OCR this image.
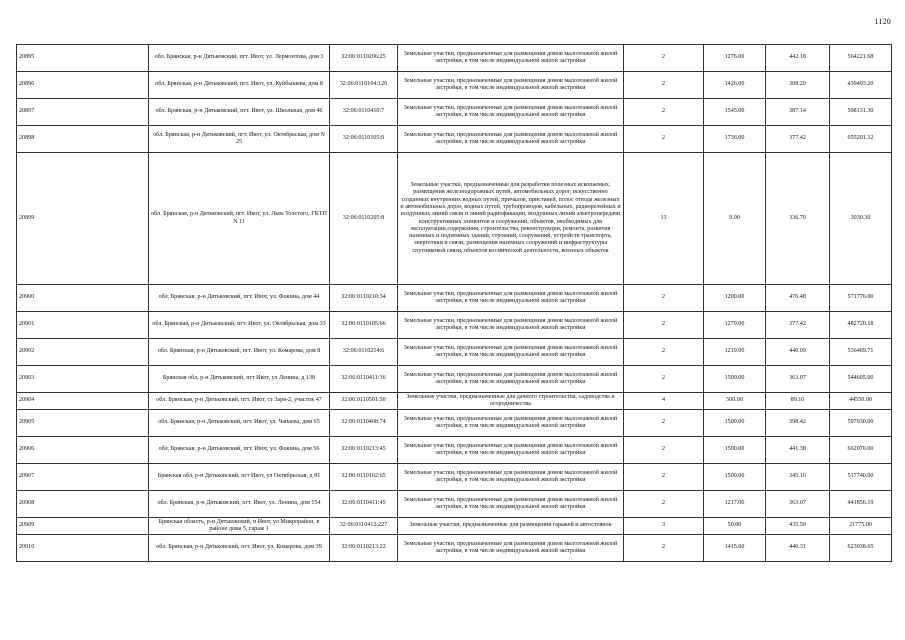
1120
20895	обл. Брянская, р-н Дятьковский, пгт. Ивот, ул. Лермонтова, дом 3	32:06:0110206:25	Земельные участки, предназначенные для размещения домов малоэтажной жилой застройки, в том числе индивидуальной жилой застройки	2	1276.00	442.18	564221.68
20896	обл. Брянская, р-н Дятьковский, пгт. Ивот, ул. Куйбышева, дом 8	32:06:0110104:120	Земельные участки, предназначенные для размещения домов малоэтажной жилой застройки, в том числе индивидуальной жилой застройки	2	1426.00	308.20	439493.20
20897	обл. Брянская, р-н Дятьковский, пгт. Ивот, ул. Школьная, дом 46	32:06:0110410:7	Земельные участки, предназначенные для размещения домов малоэтажной жилой застройки, в том числе индивидуальной жилой застройки	2	1545.00	387.14	598131.30
20898	обл. Брянская, р-н Дятьковский, пгт. Ивот, ул. Октябрьская, дом N 25	32:06:0110105:9	Земельные участки, предназначенные для размещения домов малоэтажной жилой застройки, в том числе индивидуальной жилой застройки	2	1736.00	377.42	655201.12
20899	обл. Брянская, р-н Дятьковский, пгт. Ивот, ул. Льва Толстого, ГКТП N 11	32:06:0110205:8	Земельные участки, предназначенные для разработки полезных ископаемых, размещения железнодорожных путей, автомобильных дорог, искусственно созданных внутренних водных путей, причалов, пристаней, полос отвода железных и автомобильных дорог, водных путей, трубопроводов, кабельных, радиорелейных и воздушных линий связи и линий радиофикации, воздушных линий электропередачи конструктивных элементов и сооружений, объектов, необходимых для эксплуатации,содержания, строительства, реконструкции, ремонта, развития наземных и подземных зданий, строений, сооружений, устройств транспорта, энергетики и связи; размещения наземных сооружений и инфраструктуры спутниковой связи, объектов космической деятельности, военных объектов	13	9.00	336.70	3030.30
20900	обл. Брянская, р-н Дятьковский, пгт. Ивот, ул. Фокина, дом 44	32:06:0110210:34	Земельные участки, предназначенные для размещения домов малоэтажной жилой застройки, в том числе индивидуальной жилой застройки	2	1200.00	476.48	571776.00
20901	обл. Брянская, р-н Дятьковский, пгт. Ивот, ул. Октябрьская, дом 33	32:06:0110105:66	Земельные участки, предназначенные для размещения домов малоэтажной жилой застройки, в том числе индивидуальной жилой застройки	2	1279.00	377.42	482720.18
20902	обл. Брянская, р-н Дятьковский, пгт. Ивот, ул. Комарова, дом 8	32:06:0110214:6	Земельные участки, предназначенные для размещения домов малоэтажной жилой застройки, в том числе индивидуальной жилой застройки	2	1219.00	440.09	536469.71
20903	Брянская обл, р-н Дятьковский, пгт Ивот, ул Ленина, д 138	32:06:0110411:36	Земельные участки, предназначенные для размещения домов малоэтажной жилой застройки, в том числе индивидуальной жилой застройки	2	1500.00	363.07	544605.00
20904	обл. Брянская, р-н Дятьковский, пгт. Ивот, ст Заря-2, участок 47	32:06:0110501:50	Земельные участки, предназначенные для дачного строительства, садоводства и огородничества	4	500.00	89.10	44550.00
20905	обл. Брянская, р-н Дятьковский, пгт. Ивот, ул. Чапаева, дом 65	32:06:0110408:74	Земельные участки, предназначенные для размещения домов малоэтажной жилой застройки, в том числе индивидуальной жилой застройки	2	1500.00	398.42	597630.00
20906	обл. Брянская, р-н Дятьковский, пгт. Ивот, ул. Фокина, дом 56	32:06:0110213:45	Земельные участки, предназначенные для размещения домов малоэтажной жилой застройки, в том числе индивидуальной жилой застройки	2	1500.00	441.38	662070.00
20907	Брянская обл, р-н Дятьковский, пгт Ивот, ул Октябрьская, д 81	32:06:0110102:65	Земельные участки, предназначенные для размещения домов малоэтажной жилой застройки, в том числе индивидуальной жилой застройки	2	1500.00	345.16	517740.00
20908	обл. Брянская, р-н Дятьковский, пгт. Ивот, ул. Ленина, дом 154	32:06:0110411:45	Земельные участки, предназначенные для размещения домов малоэтажной жилой застройки, в том числе индивидуальной жилой застройки	2	1217.00	363.07	441856.19
20909	Брянская область, р-н Дятьковский, п Ивот, ул Микрорайон, в районе дома 5, гараж 1	32:06:0110412:227	Земельные участки, предназначенные для размещения гаражей и автостоянок	3	50.00	435.50	21775.00
20910	обл. Брянская, р-н Дятьковский, пгт. Ивот, ул. Комарова, дом 39	32:06:0110213:22	Земельные участки, предназначенные для размещения домов малоэтажной жилой застройки, в том числе индивидуальной жилой застройки	2	1415.00	440.31	623038.65
